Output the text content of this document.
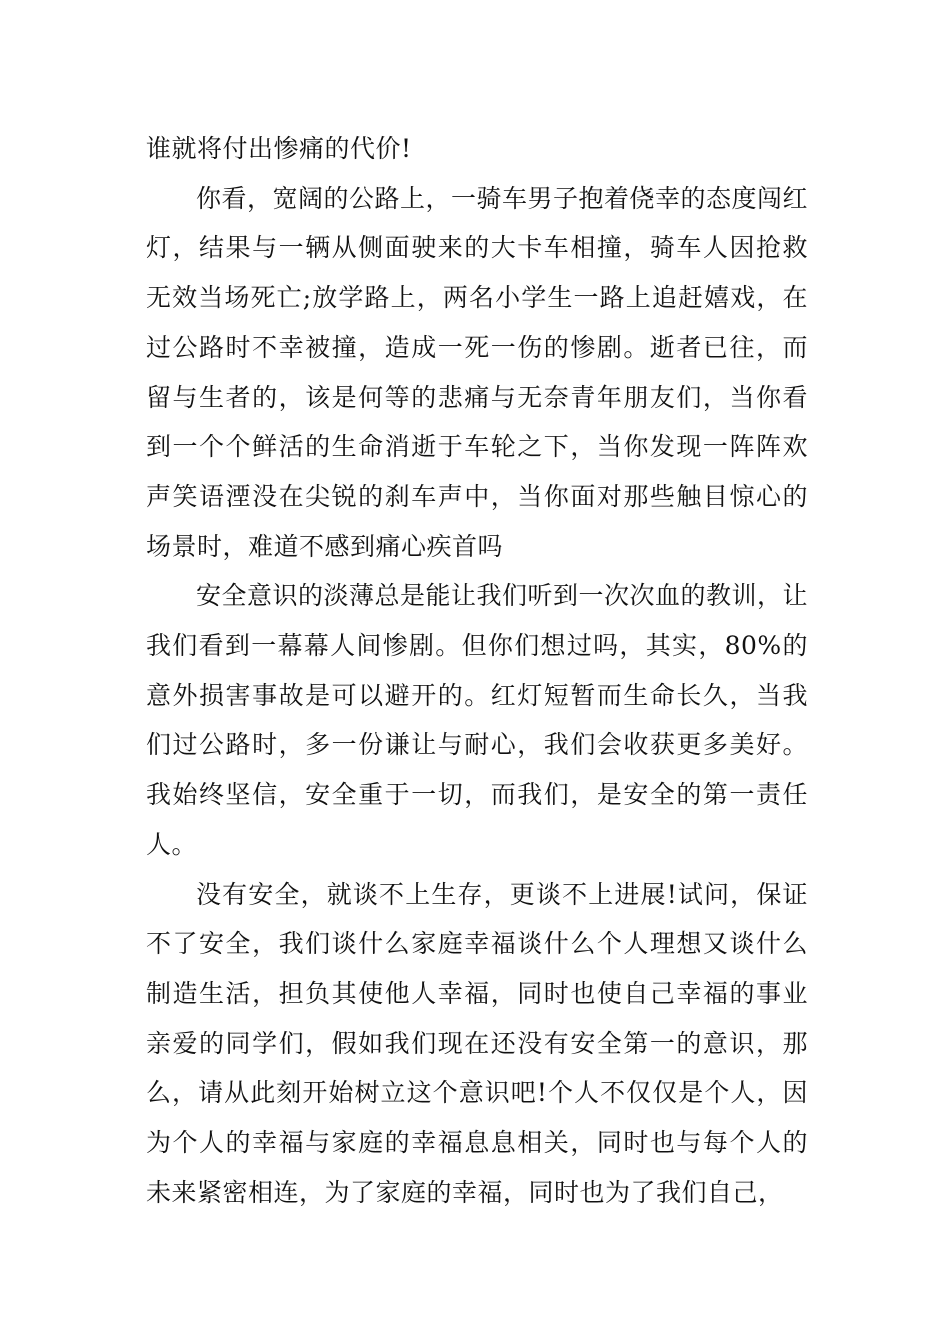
谁就将付出惨痛的代价!

你看，宽阔的公路上，一骑车男子抱着侥幸的态度闯红灯，结果与一辆从侧面驶来的大卡车相撞，骑车人因抢救无效当场死亡;放学路上，两名小学生一路上追赶嬉戏，在过公路时不幸被撞，造成一死一伤的惨剧。逝者已往，而留与生者的，该是何等的悲痛与无奈青年朋友们，当你看到一个个鲜活的生命消逝于车轮之下，当你发现一阵阵欢声笑语湮没在尖锐的刹车声中，当你面对那些触目惊心的场景时，难道不感到痛心疾首吗

安全意识的淡薄总是能让我们听到一次次血的教训，让我们看到一幕幕人间惨剧。但你们想过吗，其实，80%的意外损害事故是可以避开的。红灯短暂而生命长久，当我们过公路时，多一份谦让与耐心，我们会收获更多美好。我始终坚信，安全重于一切，而我们，是安全的第一责任人。

没有安全，就谈不上生存，更谈不上进展!试问，保证不了安全，我们谈什么家庭幸福谈什么个人理想又谈什么制造生活，担负其使他人幸福，同时也使自己幸福的事业亲爱的同学们，假如我们现在还没有安全第一的意识，那么，请从此刻开始树立这个意识吧!个人不仅仅是个人，因为个人的幸福与家庭的幸福息息相关，同时也与每个人的未来紧密相连，为了家庭的幸福，同时也为了我们自己，
